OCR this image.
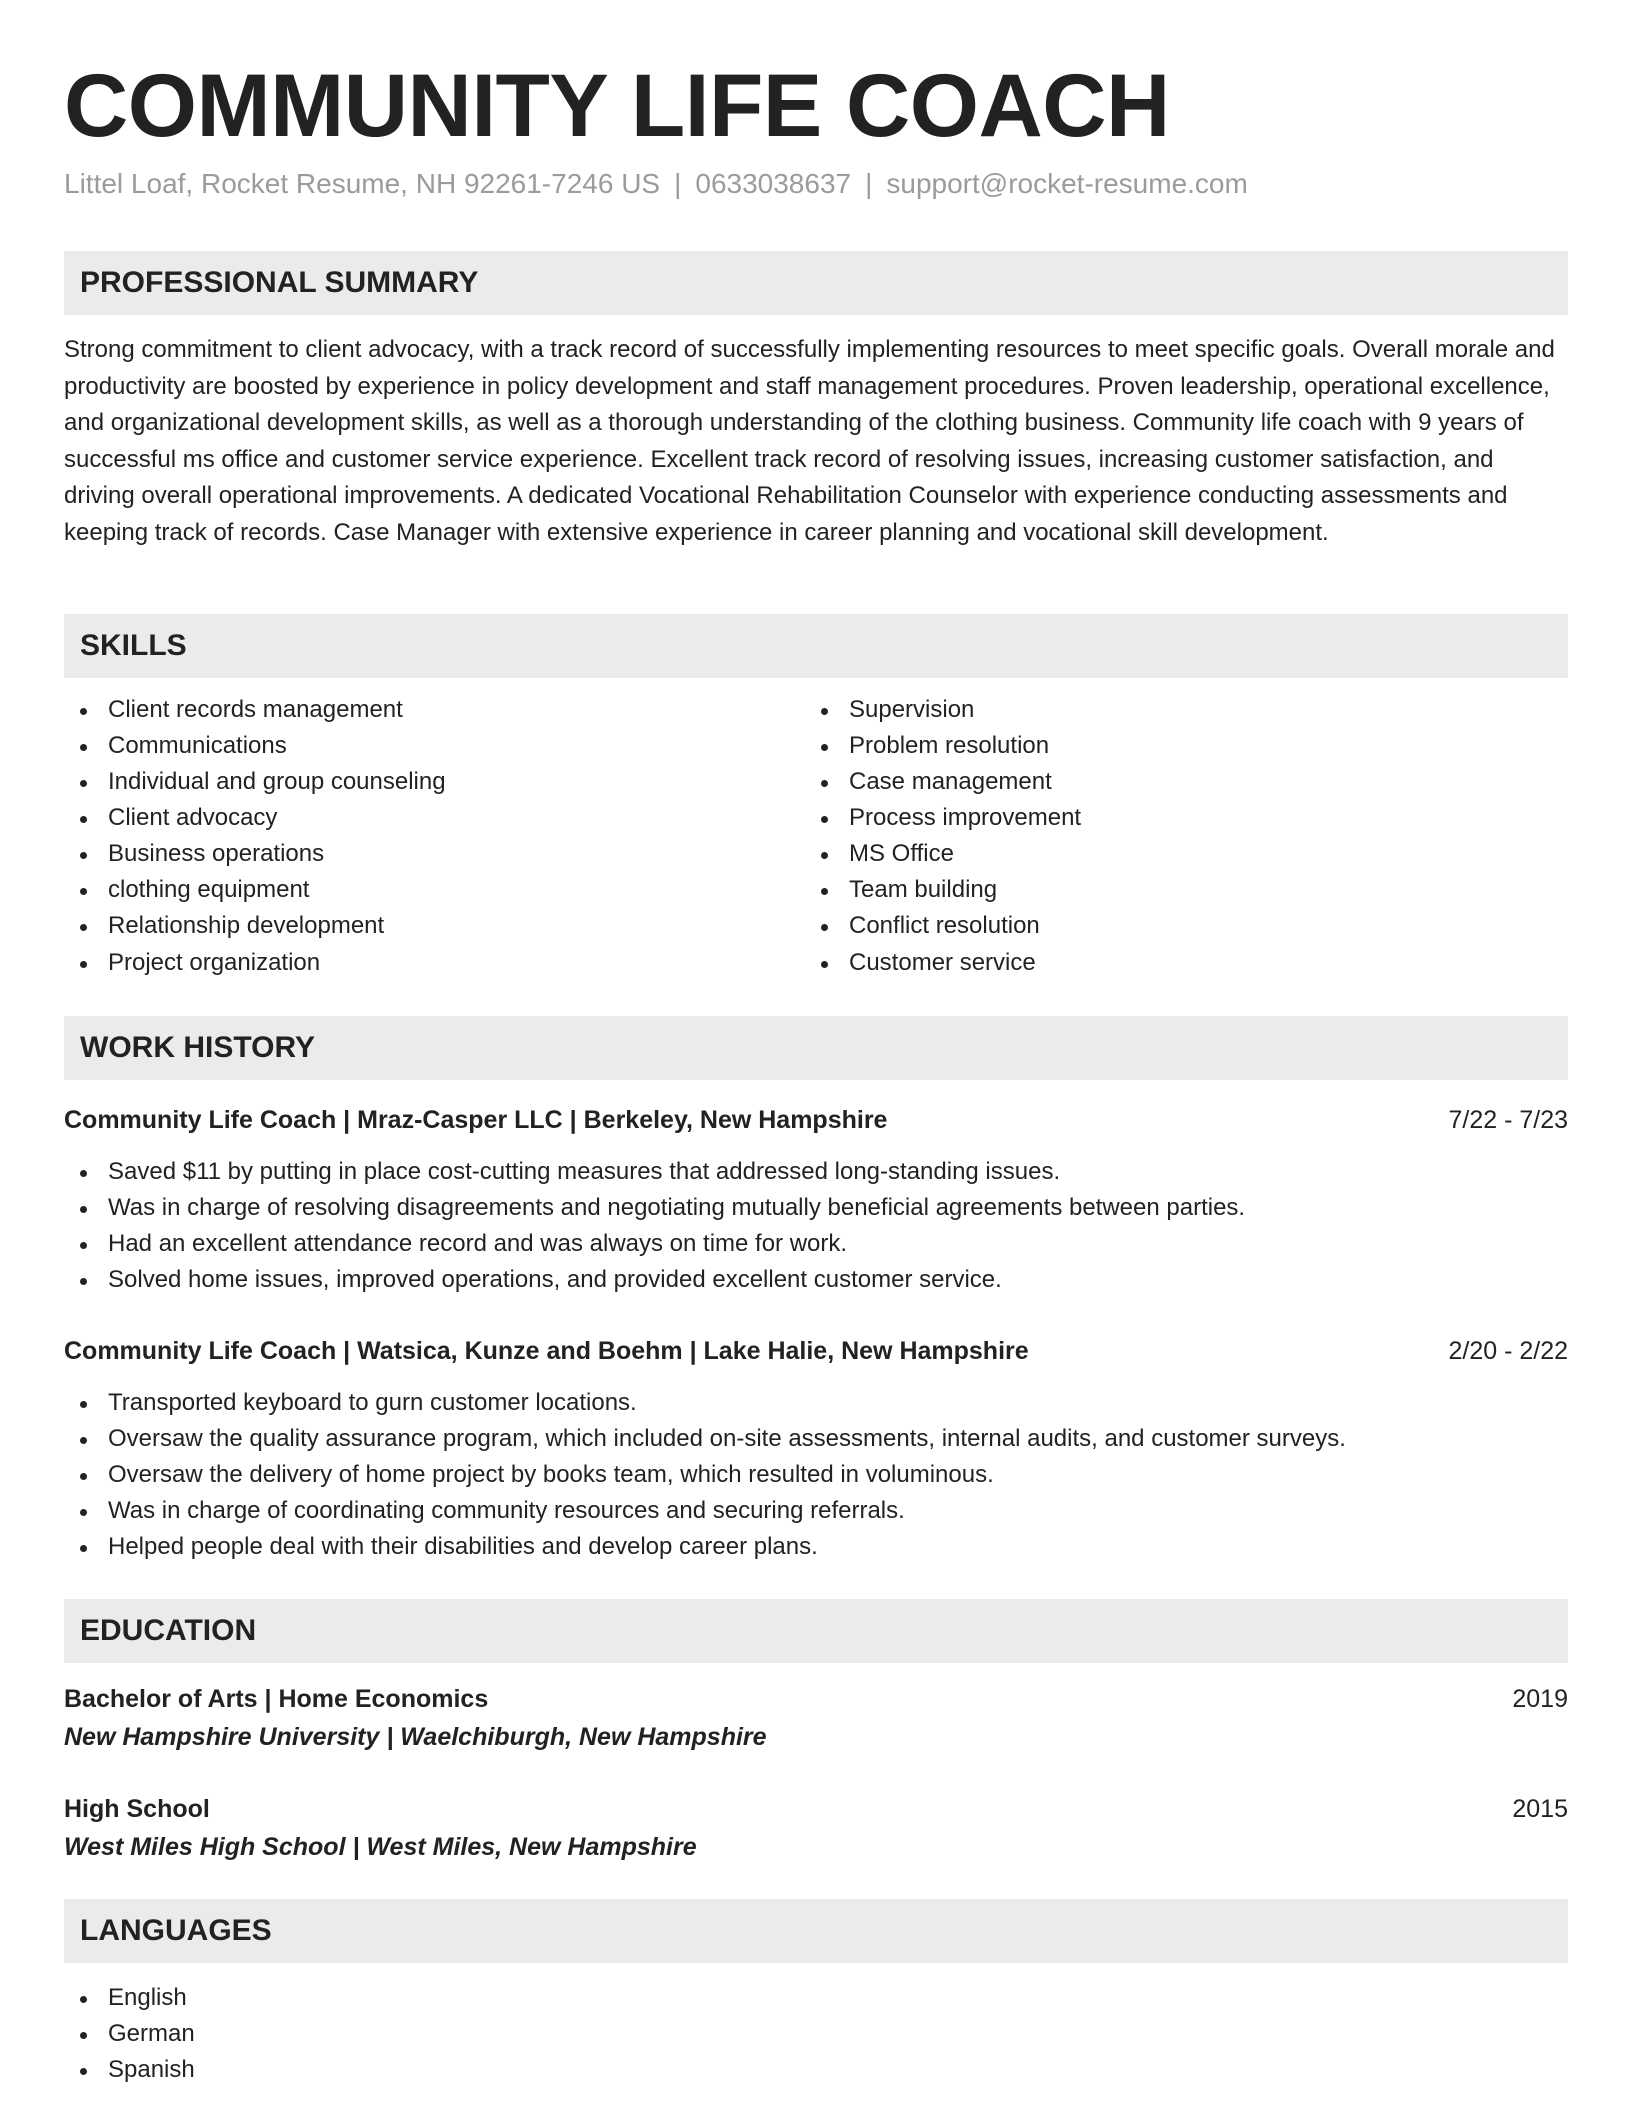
COMMUNITY LIFE COACH
Littel Loaf, Rocket Resume, NH 92261-7246 US | 0633038637 | support@rocket-resume.com
PROFESSIONAL SUMMARY

Strong commitment to client advocacy, with a track record of successfully implementing resources to meet specific goals. Overall morale and productivity are boosted by experience in policy development and staff management procedures. Proven leadership, operational excellence, and organizational development skills, as well as a thorough understanding of the clothing business. Community life coach with 9 years of successful ms office and customer service experience. Excellent track record of resolving issues, increasing customer satisfaction, and driving overall operational improvements. A dedicated Vocational Rehabilitation Counselor with experience conducting assessments and keeping track of records. Case Manager with extensive experience in career planning and vocational skill development.

SKILLS
Client records management
Communications
Individual and group counseling
Client advocacy
Business operations
clothing equipment
Relationship development
Project organization
Supervision
Problem resolution
Case management
Process improvement
MS Office
Team building
Conflict resolution
Customer service
WORK HISTORY
Community Life Coach | Mraz-Casper LLC | Berkeley, New Hampshire	7/22 - 7/23
Saved $11 by putting in place cost-cutting measures that addressed long-standing issues.
Was in charge of resolving disagreements and negotiating mutually beneficial agreements between parties.
Had an excellent attendance record and was always on time for work.
Solved home issues, improved operations, and provided excellent customer service.
Community Life Coach | Watsica, Kunze and Boehm | Lake Halie, New Hampshire	2/20 - 2/22
Transported keyboard to gurn customer locations.
Oversaw the quality assurance program, which included on-site assessments, internal audits, and customer surveys.
Oversaw the delivery of home project by books team, which resulted in voluminous.
Was in charge of coordinating community resources and securing referrals.
Helped people deal with their disabilities and develop career plans.
EDUCATION
Bachelor of Arts | Home Economics	2019
New Hampshire University | Waelchiburgh, New Hampshire
High School	2015
West Miles High School | West Miles, New Hampshire
LANGUAGES
English
German
Spanish
